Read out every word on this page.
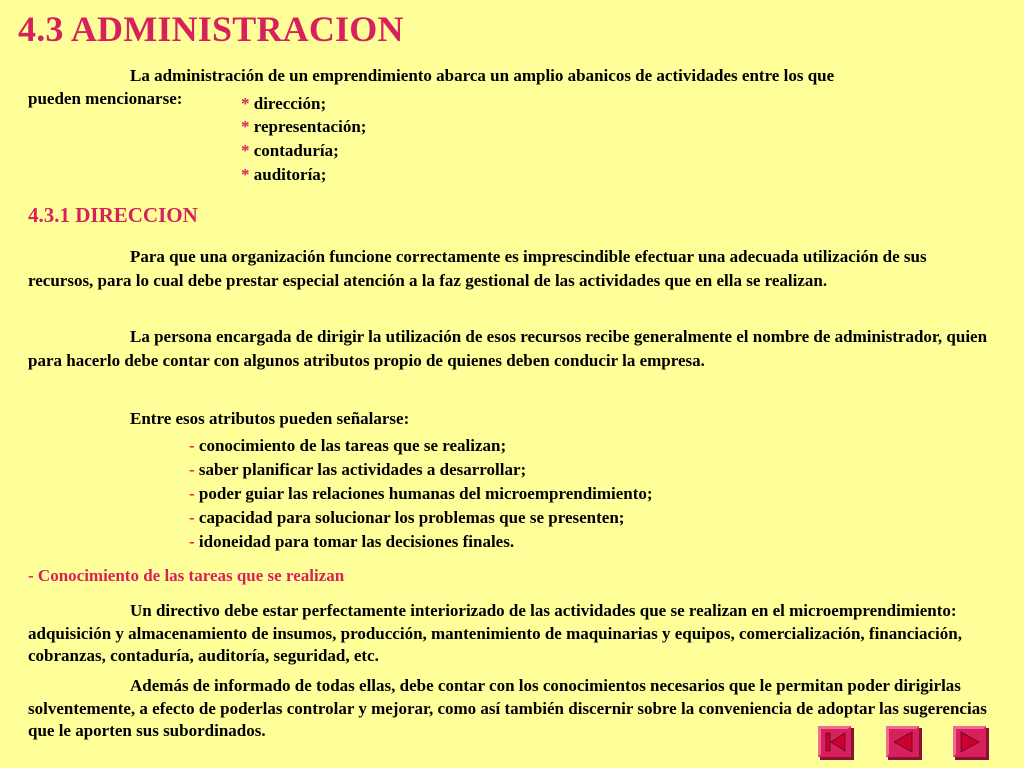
4.3 ADMINISTRACION
La administración de un emprendimiento abarca un amplio abanicos de actividades entre los que
pueden mencionarse:	* dirección;
* representación;
* contaduría;
* auditoría;
4.3.1 DIRECCION

Para que una organización funcione correctamente es imprescindible efectuar una adecuada utilización de sus recursos, para lo cual debe prestar especial atención a la faz gestional de las actividades que en ella se realizan.

La persona encargada de dirigir la utilización de esos recursos recibe generalmente el nombre de administrador, quien para hacerlo debe contar con algunos atributos propio de quienes deben conducir la empresa.

Entre esos atributos pueden señalarse:
- conocimiento de las tareas que se realizan;
- saber planificar las actividades a desarrollar;
- poder guiar las relaciones humanas del microemprendimiento;
- capacidad para solucionar los problemas que se presenten;
- idoneidad para tomar las decisiones finales.
- Conocimiento de las tareas que se realizan

Un directivo debe estar perfectamente interiorizado de las actividades que se realizan en el microemprendimiento: adquisición y almacenamiento de insumos, producción, mantenimiento de maquinarias y equipos, comercialización, financiación, cobranzas, contaduría, auditoría, seguridad, etc.

Además de informado de todas ellas, debe contar con los conocimientos necesarios que le permitan poder dirigirlas solventemente, a efecto de poderlas controlar y mejorar, como así también discernir sobre la conveniencia de adoptar las sugerencias que le aporten sus subordinados.
